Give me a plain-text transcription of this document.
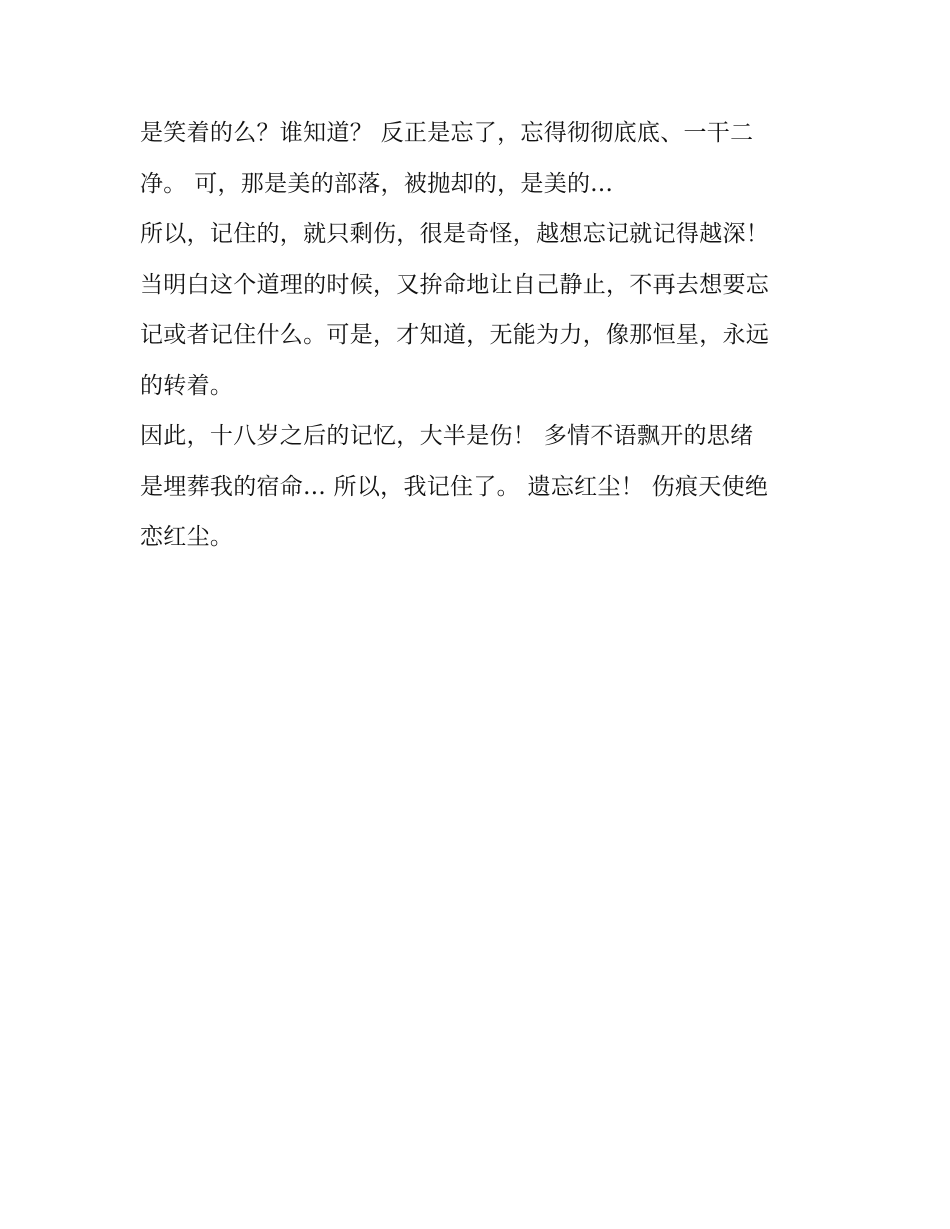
是笑着的么？谁知道？ 反正是忘了，忘得彻彻底底、一干二
净。 可，那是美的部落，被抛却的，是美的...

所以，记住的，就只剩伤，很是奇怪，越想忘记就记得越深！
当明白这个道理的时候，又拚命地让自己静止，不再去想要忘
记或者记住什么。可是，才知道，无能为力，像那恒星，永远
的转着。

因此，十八岁之后的记忆，大半是伤！ 多情不语飘开的思绪
是埋葬我的宿命... 所以，我记住了。 遗忘红尘！ 伤痕天使绝
恋红尘。
